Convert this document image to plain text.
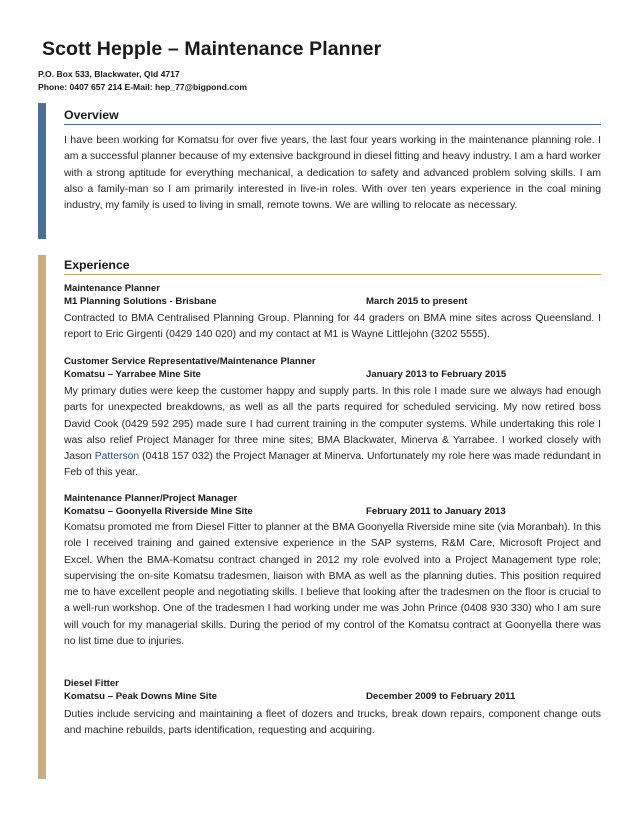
Scott Hepple – Maintenance Planner
P.O. Box 533, Blackwater, Qld 4717
Phone: 0407 657 214 E-Mail: hep_77@bigpond.com
Overview

I have been working for Komatsu for over five years, the last four years working in the maintenance planning role. I am a successful planner because of my extensive background in diesel fitting and heavy industry. I am a hard worker with a strong aptitude for everything mechanical, a dedication to safety and advanced problem solving skills. I am also a family-man so I am primarily interested in live-in roles. With over ten years experience in the coal mining industry, my family is used to living in small, remote towns. We are willing to relocate as necessary.

Experience
Maintenance Planner
M1 Planning Solutions - Brisbane	March 2015 to present

Contracted to BMA Centralised Planning Group. Planning for 44 graders on BMA mine sites across Queensland. I report to Eric Girgenti (0429 140 020) and my contact at M1 is Wayne Littlejohn (3202 5555).

Customer Service Representative/Maintenance Planner
Komatsu – Yarrabee Mine Site	January 2013 to February 2015

My primary duties were keep the customer happy and supply parts. In this role I made sure we always had enough parts for unexpected breakdowns, as well as all the parts required for scheduled servicing. My now retired boss David Cook (0429 592 295) made sure I had current training in the computer systems. While undertaking this role I was also relief Project Manager for three mine sites; BMA Blackwater, Minerva & Yarrabee. I worked closely with Jason Patterson (0418 157 032) the Project Manager at Minerva. Unfortunately my role here was made redundant in Feb of this year.

Maintenance Planner/Project Manager
Komatsu – Goonyella Riverside Mine Site	February 2011 to January 2013

Komatsu promoted me from Diesel Fitter to planner at the BMA Goonyella Riverside mine site (via Moranbah). In this role I received training and gained extensive experience in the SAP systems, R&M Care, Microsoft Project and Excel. When the BMA-Komatsu contract changed in 2012 my role evolved into a Project Management type role; supervising the on-site Komatsu tradesmen, liaison with BMA as well as the planning duties. This position required me to have excellent people and negotiating skills. I believe that looking after the tradesmen on the floor is crucial to a well-run workshop. One of the tradesmen I had working under me was John Prince (0408 930 330) who I am sure will vouch for my managerial skills. During the period of my control of the Komatsu contract at Goonyella there was no list time due to injuries.

Diesel Fitter
Komatsu – Peak Downs Mine Site	December 2009 to February 2011

Duties include servicing and maintaining a fleet of dozers and trucks, break down repairs, component change outs and machine rebuilds, parts identification, requesting and acquiring.
